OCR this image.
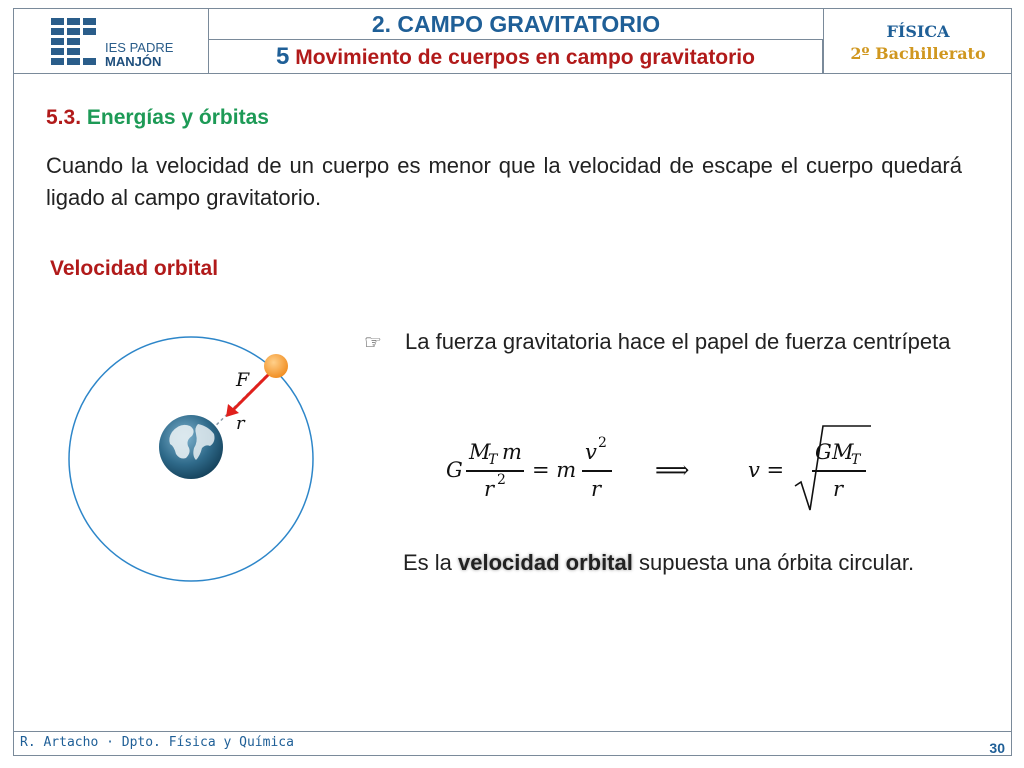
IES PADRE
MANJÓN
2. CAMPO GRAVITATORIO
5 Movimiento de cuerpos en campo gravitatorio
FÍSICA
2º Bachillerato
5.3. Energías y órbitas
Cuando la velocidad de un cuerpo es menor que la velocidad de escape el cuerpo quedará ligado al campo gravitatorio.
Velocidad orbital
F
r
☞ La fuerza gravitatoria hace el papel de fuerza centrípeta
G
M
T m
r 2 = m
v 2
r
⟹	v =
G M
T
r
Es la velocidad orbital supuesta una órbita circular.
R. Artacho · Dpto. Física y Química	30
